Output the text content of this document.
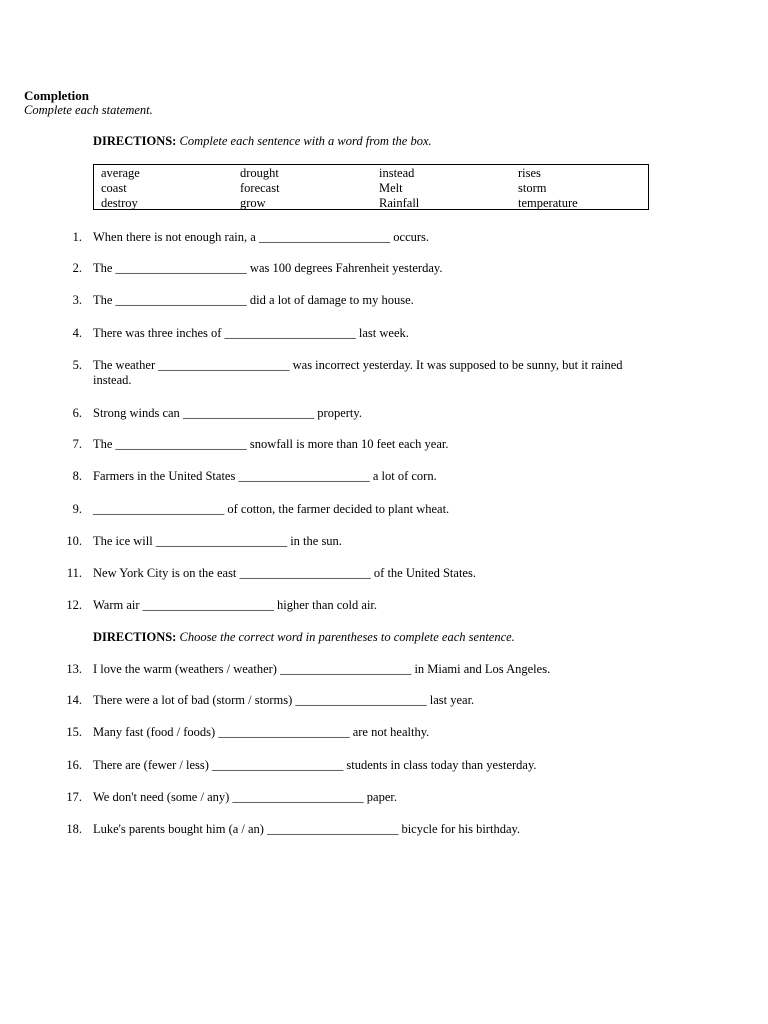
Completion
Complete each statement.
DIRECTIONS: Complete each sentence with a word from the box.
average
coast
destroy
drought
forecast
grow
instead
Melt
Rainfall
rises
storm
temperature
1. When there is not enough rain, a _____________________ occurs.
2. The _____________________ was 100 degrees Fahrenheit yesterday.
3. The _____________________ did a lot of damage to my house.
4. There was three inches of _____________________ last week.
5. The weather _____________________ was incorrect yesterday. It was supposed to be sunny, but it rained instead.
6. Strong winds can _____________________ property.
7. The _____________________ snowfall is more than 10 feet each year.
8. Farmers in the United States _____________________ a lot of corn.
9. _____________________ of cotton, the farmer decided to plant wheat.
10. The ice will _____________________ in the sun.
11. New York City is on the east _____________________ of the United States.
12. Warm air _____________________ higher than cold air.
DIRECTIONS: Choose the correct word in parentheses to complete each sentence.
13. I love the warm (weathers / weather) _____________________ in Miami and Los Angeles.
14. There were a lot of bad (storm / storms) _____________________ last year.
15. Many fast (food / foods) _____________________ are not healthy.
16. There are (fewer / less) _____________________ students in class today than yesterday.
17. We don't need (some / any) _____________________ paper.
18. Luke's parents bought him (a / an) _____________________ bicycle for his birthday.
